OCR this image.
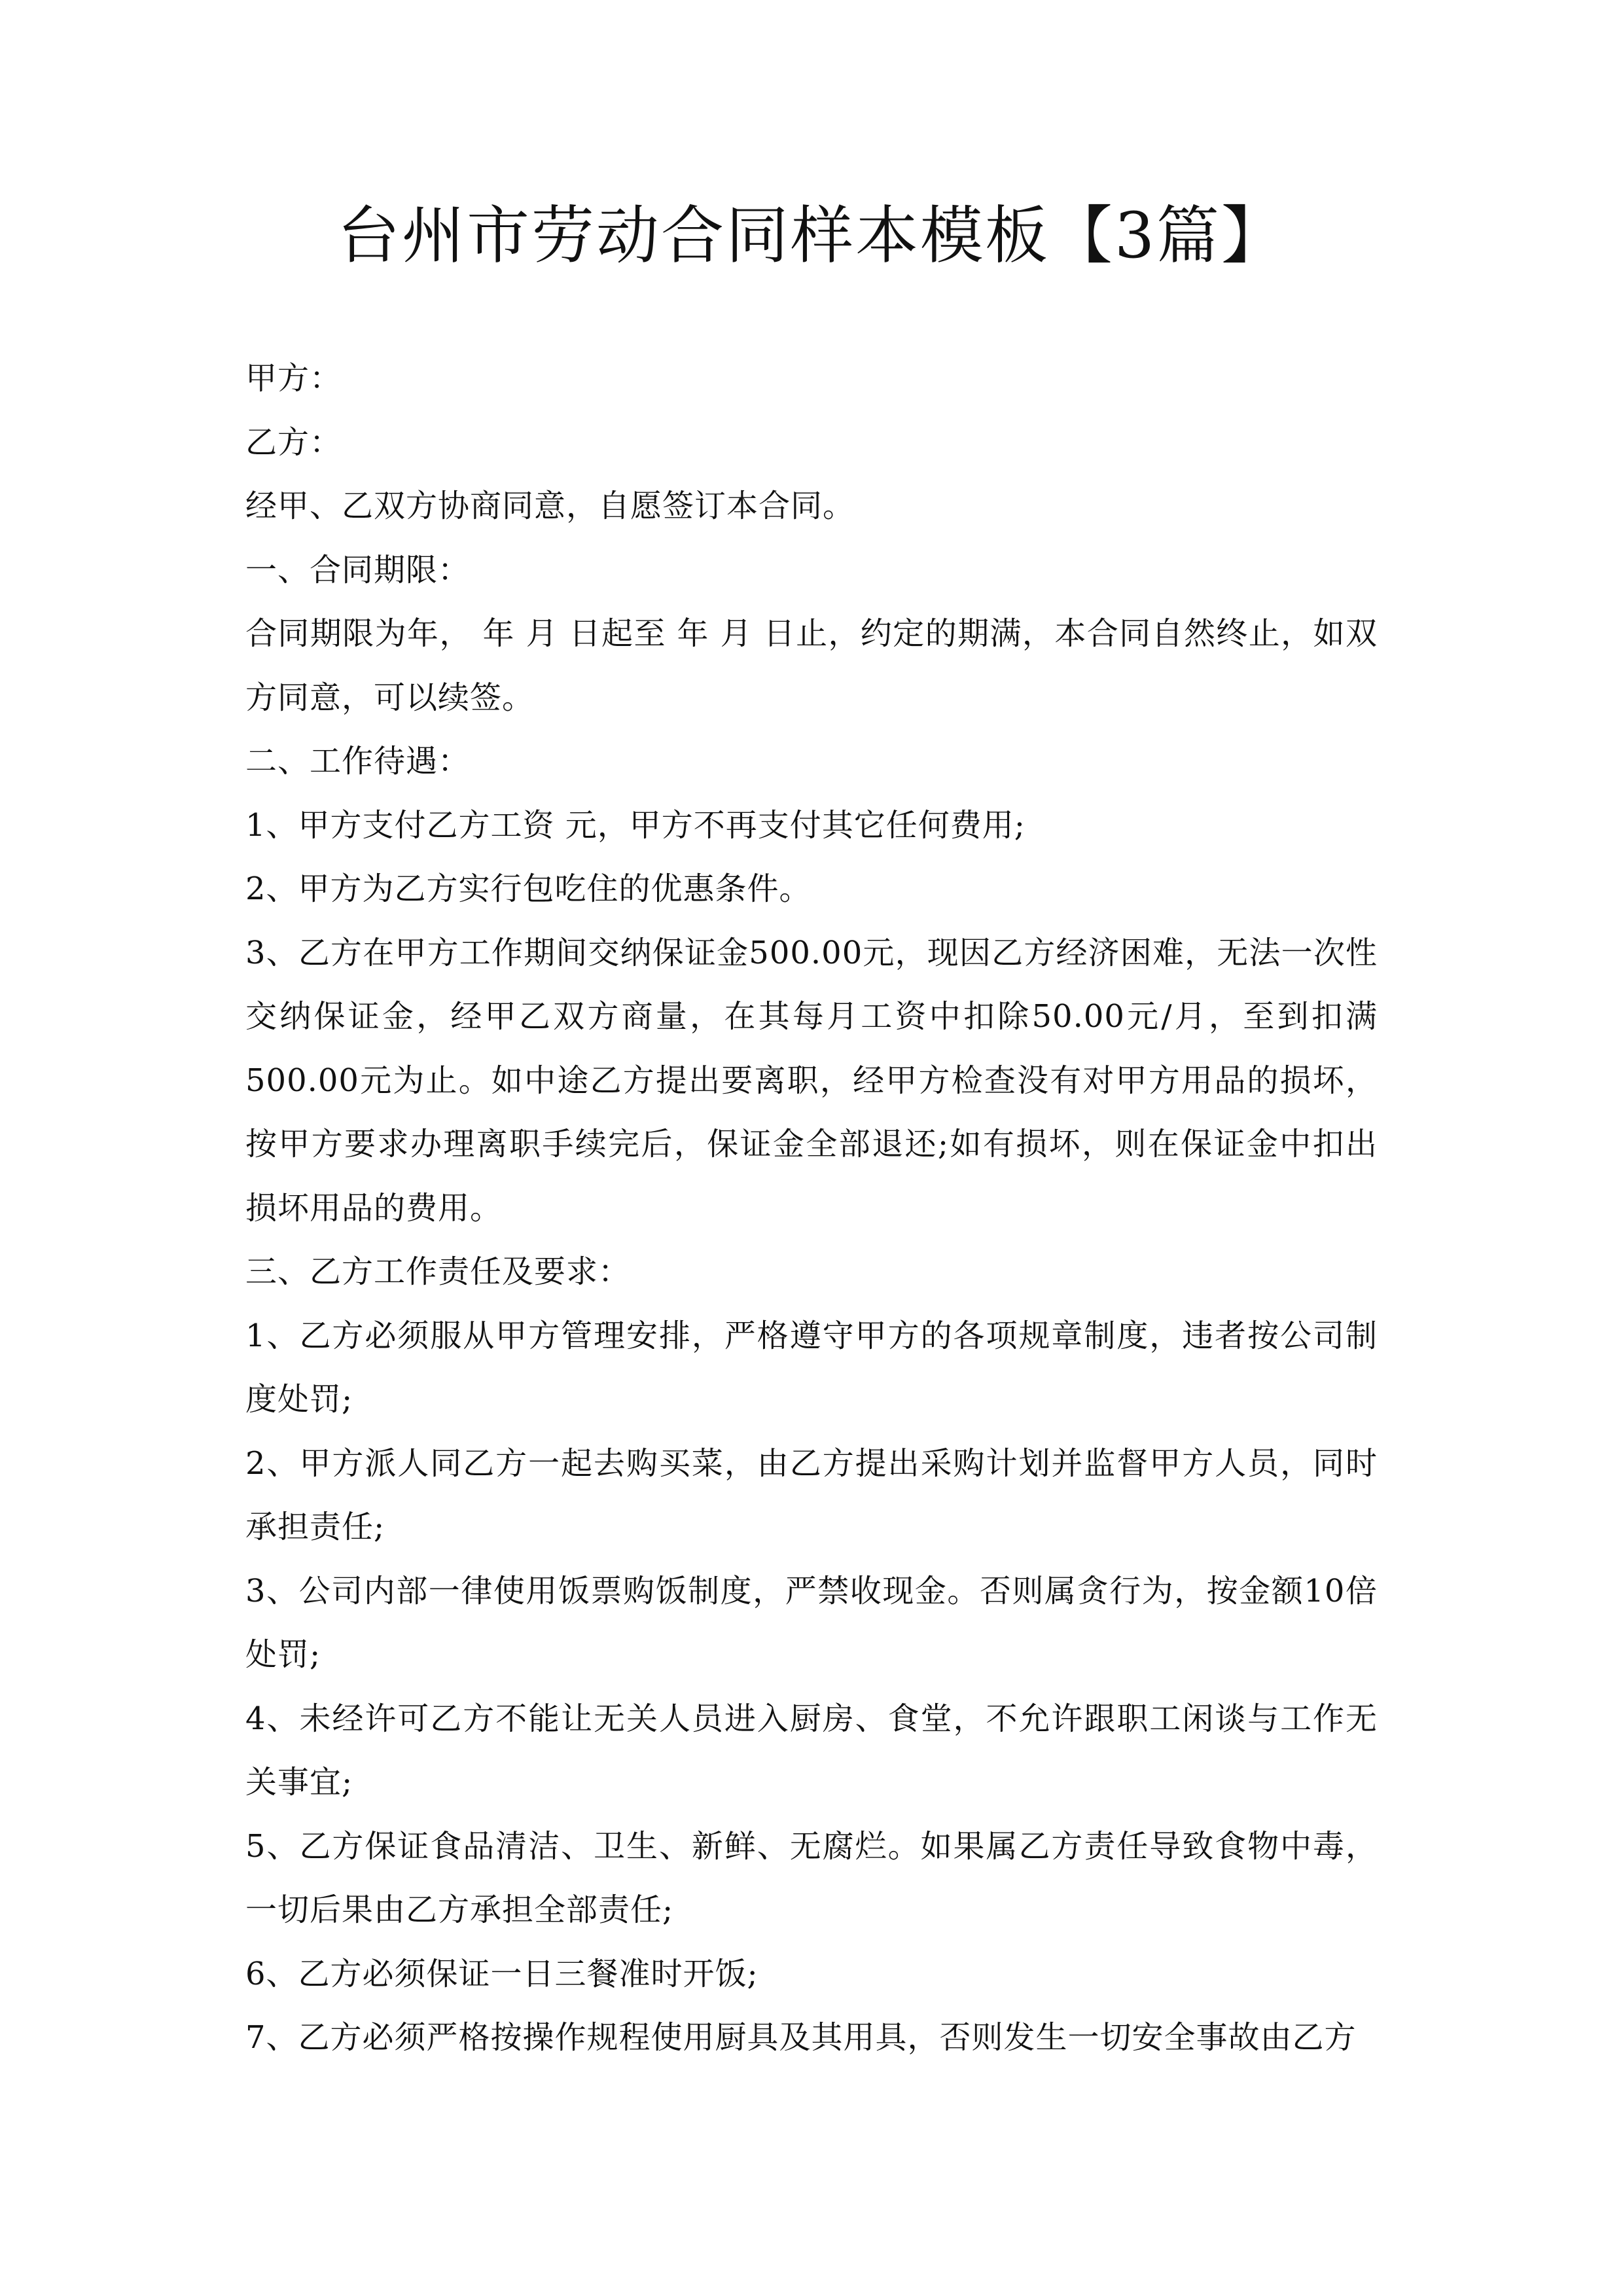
台州市劳动合同样本模板【3篇】

甲方：

乙方：

经甲、乙双方协商同意，自愿签订本合同。

一、合同期限：

合同期限为年， 年 月 日起至 年 月 日止，约定的期满，本合同自然终止，如双方同意，可以续签。

二、工作待遇：

1、甲方支付乙方工资 元，甲方不再支付其它任何费用;

2、甲方为乙方实行包吃住的优惠条件。

3、乙方在甲方工作期间交纳保证金500.00元，现因乙方经济困难，无法一次性交纳保证金，经甲乙双方商量，在其每月工资中扣除50.00元/月，至到扣满500.00元为止。如中途乙方提出要离职，经甲方检查没有对甲方用品的损坏，按甲方要求办理离职手续完后，保证金全部退还;如有损坏，则在保证金中扣出损坏用品的费用。

三、乙方工作责任及要求：

1、乙方必须服从甲方管理安排，严格遵守甲方的各项规章制度，违者按公司制度处罚;

2、甲方派人同乙方一起去购买菜，由乙方提出采购计划并监督甲方人员，同时承担责任;

3、公司内部一律使用饭票购饭制度，严禁收现金。否则属贪行为，按金额10倍处罚;

4、未经许可乙方不能让无关人员进入厨房、食堂，不允许跟职工闲谈与工作无关事宜;

5、乙方保证食品清洁、卫生、新鲜、无腐烂。如果属乙方责任导致食物中毒，一切后果由乙方承担全部责任;

6、乙方必须保证一日三餐准时开饭;

7、乙方必须严格按操作规程使用厨具及其用具，否则发生一切安全事故由乙方
